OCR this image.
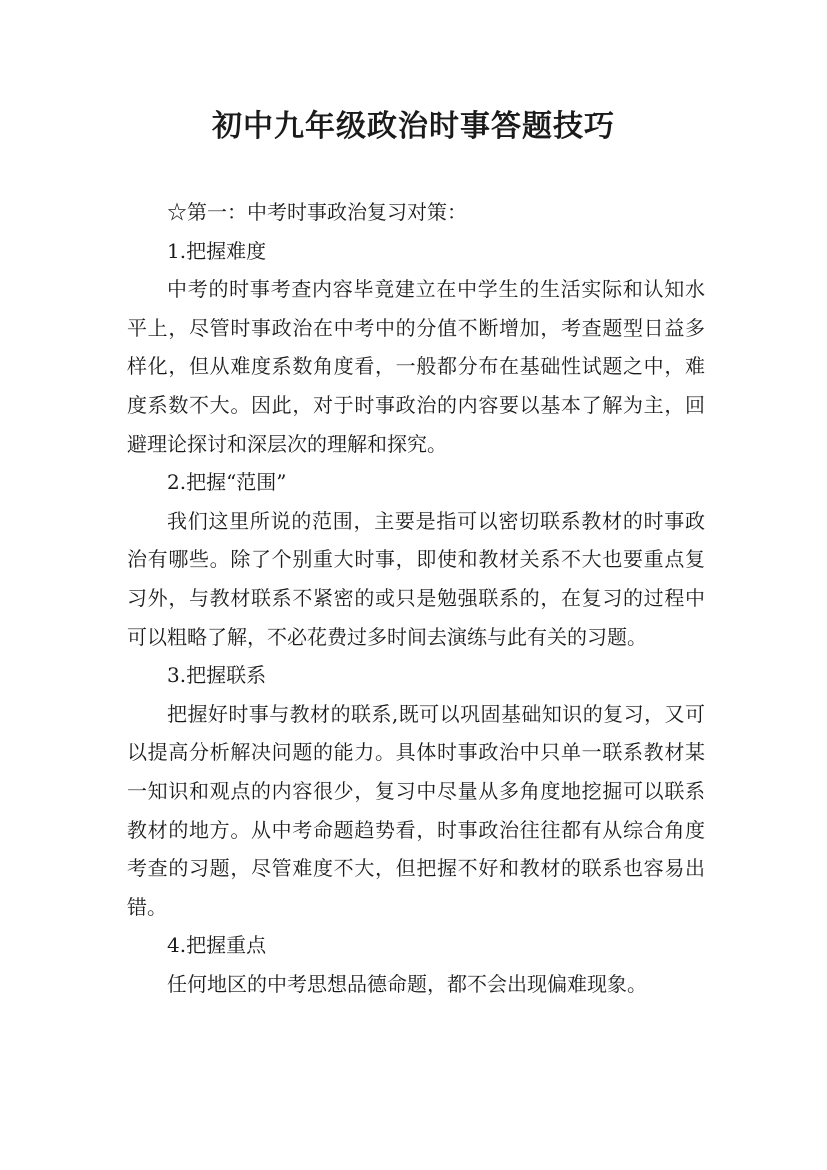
初中九年级政治时事答题技巧

☆第一：中考时事政治复习对策：

1.把握难度

中考的时事考查内容毕竟建立在中学生的生活实际和认知水平上，尽管时事政治在中考中的分值不断增加，考查题型日益多样化，但从难度系数角度看，一般都分布在基础性试题之中，难度系数不大。因此，对于时事政治的内容要以基本了解为主，回避理论探讨和深层次的理解和探究。

2.把握“范围”

我们这里所说的范围，主要是指可以密切联系教材的时事政治有哪些。除了个别重大时事，即使和教材关系不大也要重点复习外，与教材联系不紧密的或只是勉强联系的，在复习的过程中可以粗略了解，不必花费过多时间去演练与此有关的习题。

3.把握联系

把握好时事与教材的联系,既可以巩固基础知识的复习，又可以提高分析解决问题的能力。具体时事政治中只单一联系教材某一知识和观点的内容很少，复习中尽量从多角度地挖掘可以联系教材的地方。从中考命题趋势看，时事政治往往都有从综合角度考查的习题，尽管难度不大，但把握不好和教材的联系也容易出错。

4.把握重点

任何地区的中考思想品德命题，都不会出现偏难现象。
